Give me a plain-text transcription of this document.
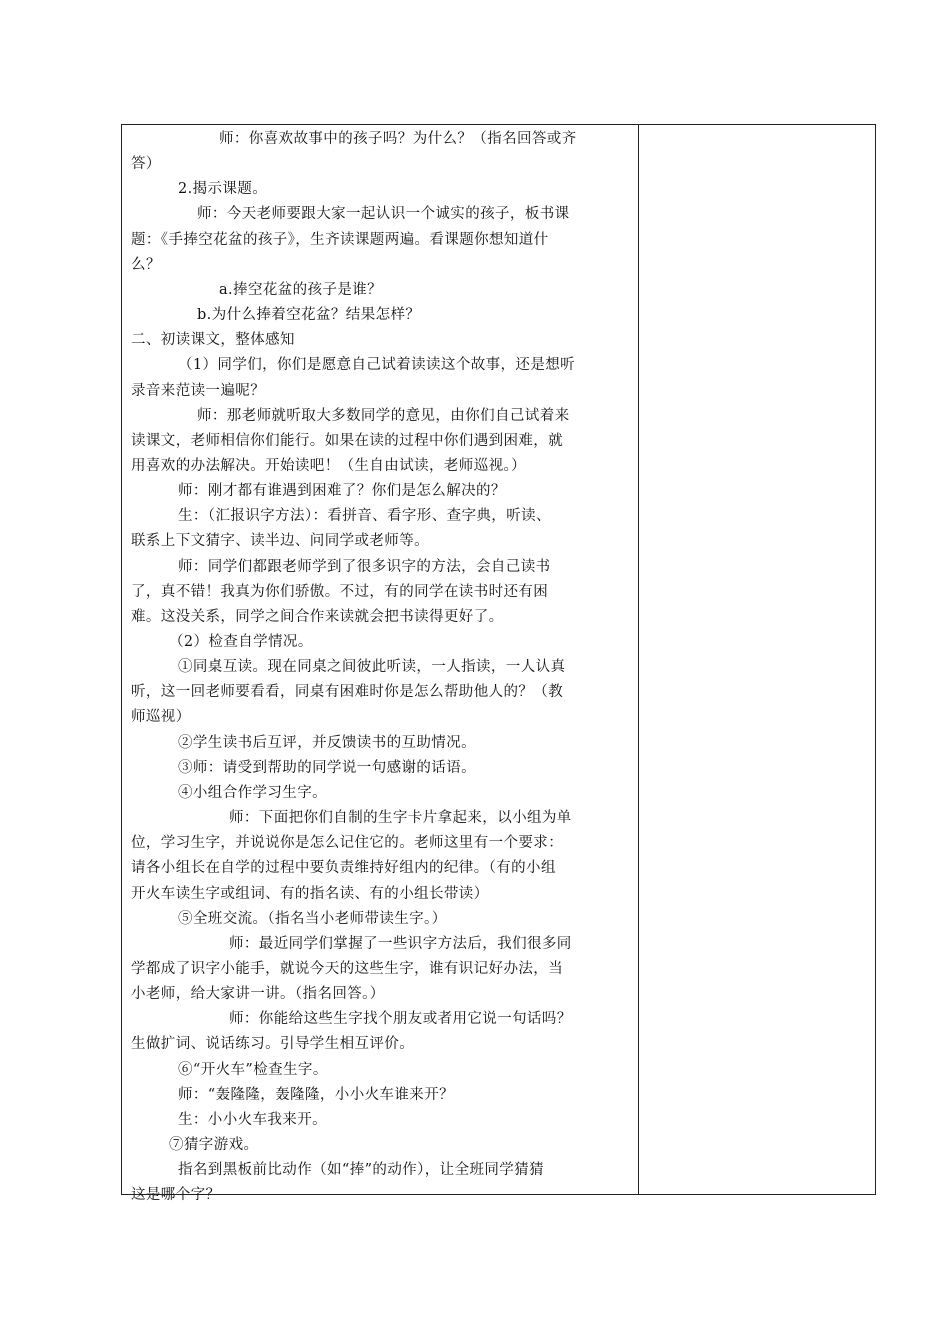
师：你喜欢故事中的孩子吗？为什么？（指名回答或齐
答）
2.揭示课题。
师：今天老师要跟大家一起认识一个诚实的孩子，板书课
题：《手捧空花盆的孩子》，生齐读课题两遍。看课题你想知道什
么？
a.捧空花盆的孩子是谁？
b.为什么捧着空花盆？结果怎样？
二、初读课文，整体感知
（1）同学们，你们是愿意自己试着读读这个故事，还是想听
录音来范读一遍呢？
师：那老师就听取大多数同学的意见，由你们自己试着来
读课文，老师相信你们能行。如果在读的过程中你们遇到困难，就
用喜欢的办法解决。开始读吧！（生自由试读，老师巡视。）
师：刚才都有谁遇到困难了？你们是怎么解决的？
生：（汇报识字方法）：看拼音、看字形、查字典，听读、
联系上下文猜字、读半边、问同学或老师等。
师：同学们都跟老师学到了很多识字的方法，会自己读书
了，真不错！我真为你们骄傲。不过，有的同学在读书时还有困
难。这没关系，同学之间合作来读就会把书读得更好了。
（2）检查自学情况。
①同桌互读。现在同桌之间彼此听读，一人指读，一人认真
听，这一回老师要看看，同桌有困难时你是怎么帮助他人的？（教
师巡视）
②学生读书后互评，并反馈读书的互助情况。
③师：请受到帮助的同学说一句感谢的话语。
④小组合作学习生字。
师：下面把你们自制的生字卡片拿起来，以小组为单
位，学习生字，并说说你是怎么记住它的。老师这里有一个要求：
请各小组长在自学的过程中要负责维持好组内的纪律。（有的小组
开火车读生字或组词、有的指名读、有的小组长带读）
⑤全班交流。（指名当小老师带读生字。）
师：最近同学们掌握了一些识字方法后，我们很多同
学都成了识字小能手，就说今天的这些生字，谁有识记好办法，当
小老师，给大家讲一讲。（指名回答。）
师：你能给这些生字找个朋友或者用它说一句话吗？
生做扩词、说话练习。引导学生相互评价。
⑥“开火车”检查生字。
师：“轰隆隆，轰隆隆，小小火车谁来开？
生：小小火车我来开。
⑦猜字游戏。
指名到黑板前比动作（如“捧”的动作），让全班同学猜猜
这是哪个字？
